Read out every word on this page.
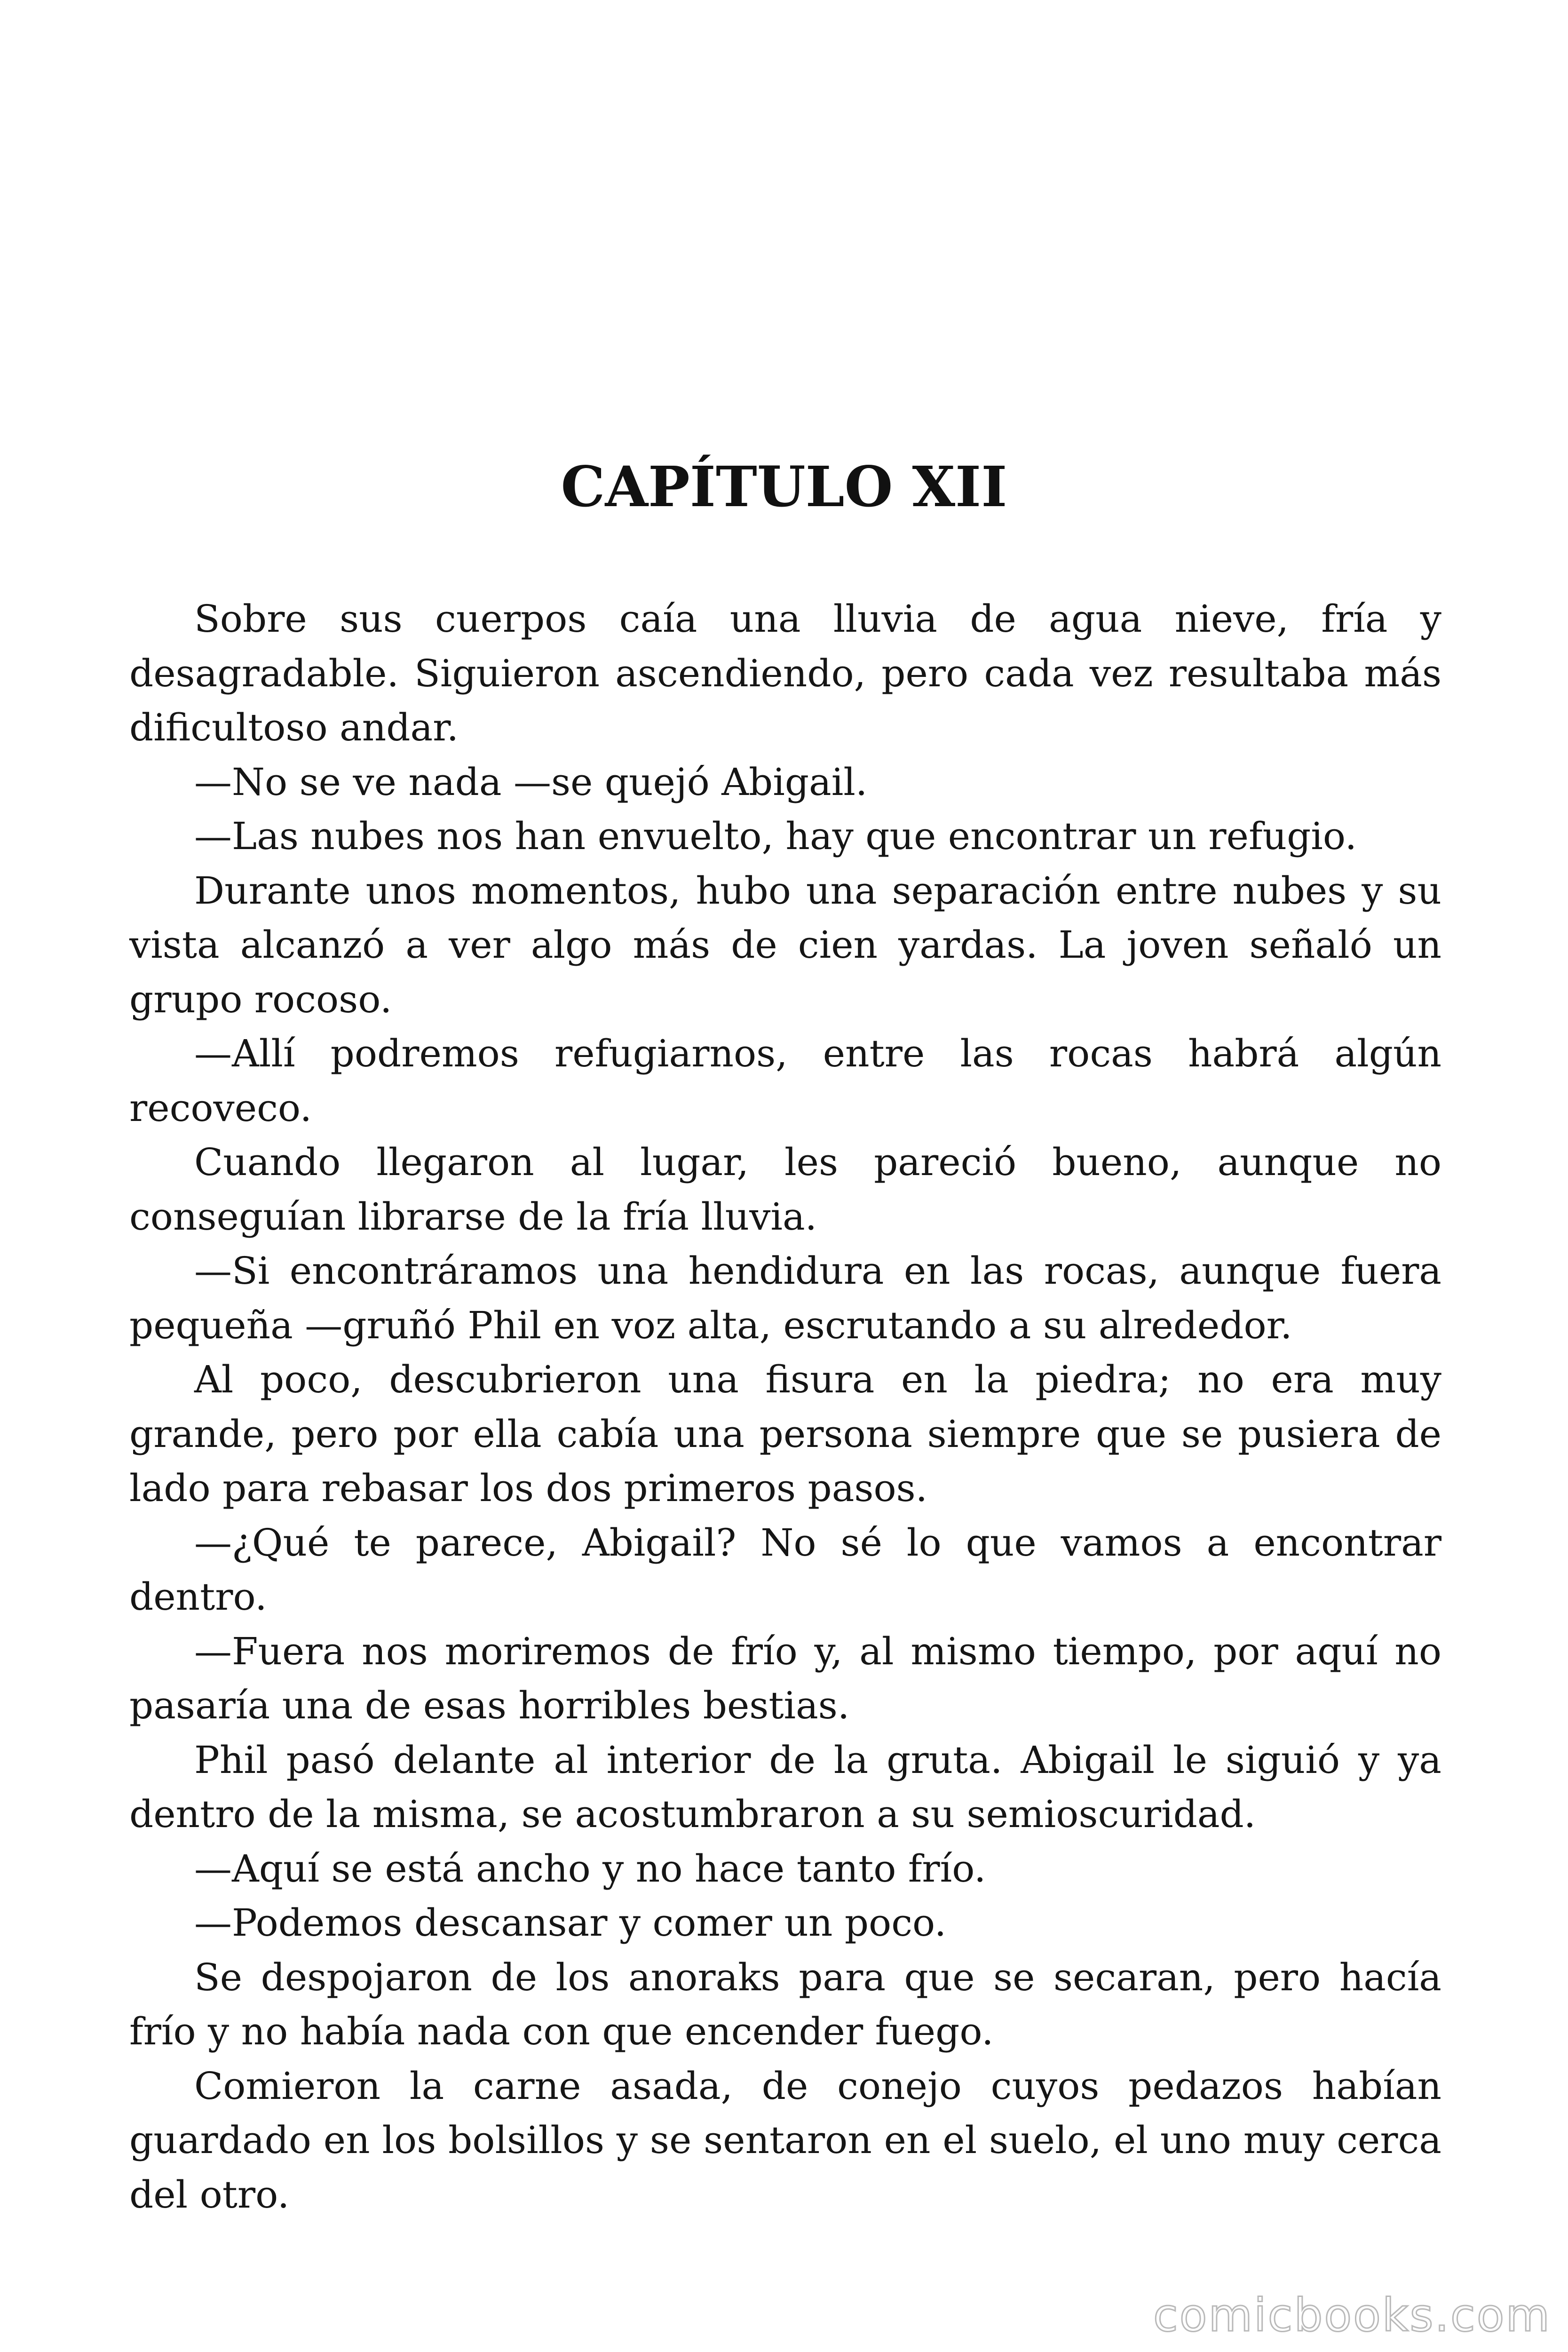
CAPÍTULO XII

Sobre sus cuerpos caía una lluvia de agua nieve, fría y desagradable. Siguieron ascendiendo, pero cada vez resultaba más dificultoso andar.

—No se ve nada —se quejó Abigail.

—Las nubes nos han envuelto, hay que encontrar un refugio.

Durante unos momentos, hubo una separación entre nubes y su vista alcanzó a ver algo más de cien yardas. La joven señaló un grupo rocoso.

—Allí podremos refugiarnos, entre las rocas habrá algún recoveco.

Cuando llegaron al lugar, les pareció bueno, aunque no conseguían librarse de la fría lluvia.

—Si encontráramos una hendidura en las rocas, aunque fuera pequeña —gruñó Phil en voz alta, escrutando a su alrededor.

Al poco, descubrieron una fisura en la piedra; no era muy grande, pero por ella cabía una persona siempre que se pusiera de lado para rebasar los dos primeros pasos.

—¿Qué te parece, Abigail? No sé lo que vamos a encontrar dentro.

—Fuera nos moriremos de frío y, al mismo tiempo, por aquí no pasaría una de esas horribles bestias.

Phil pasó delante al interior de la gruta. Abigail le siguió y ya dentro de la misma, se acostumbraron a su semioscuridad.

—Aquí se está ancho y no hace tanto frío.

—Podemos descansar y comer un poco.

Se despojaron de los anoraks para que se secaran, pero hacía frío y no había nada con que encender fuego.

Comieron la carne asada, de conejo cuyos pedazos habían guardado en los bolsillos y se sentaron en el suelo, el uno muy cerca del otro.

comicbooks.com
